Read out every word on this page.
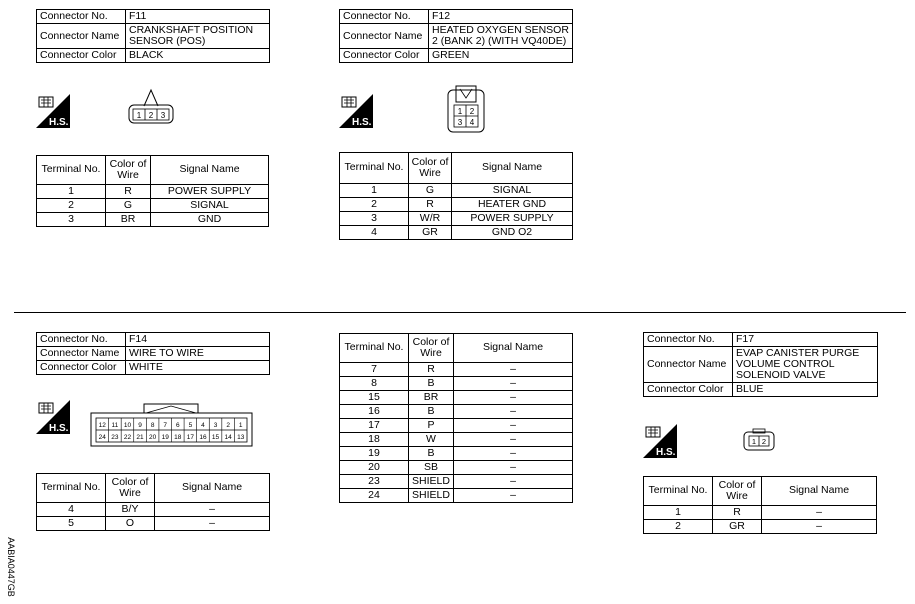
Connector No.	F11
Connector Name	CRANKSHAFT POSITION SENSOR (POS)
Connector Color	BLACK
H.S.
1 2 3
Terminal No.	Color of Wire	Signal Name
1	R	POWER SUPPLY
2	G	SIGNAL
3	BR	GND
Connector No.	F12
Connector Name	HEATED OXYGEN SENSOR 2 (BANK 2) (WITH VQ40DE)
Connector Color	GREEN
H.S.
1 2
3 4
Terminal No.	Color of Wire	Signal Name
1	G	SIGNAL
2	R	HEATER GND
3	W/R	POWER SUPPLY
4	GR	GND O2
Connector No.	F14
Connector Name	WIRE TO WIRE
Connector Color	WHITE
H.S.	12
24
11
23
10
22
9
21
8
20
7
19
6
18
5
17
4
16
3
15
2
14
1
13
Terminal No.	Color of Wire	Signal Name
4	B/Y	–
5	O	–
Terminal No.	Color of Wire	Signal Name
7	R	–
8	B	–
15	BR	–
16	B	–
17	P	–
18	W	–
19	B	–
20	SB	–
23	SHIELD	–
24	SHIELD	–
Connector No.	F17
Connector Name	EVAP CANISTER PURGE VOLUME CONTROL SOLENOID VALVE
Connector Color	BLUE
H.S.
1 2
Terminal No.	Color of Wire	Signal Name
1	R	–
2	GR	–
AABIA0447GB
